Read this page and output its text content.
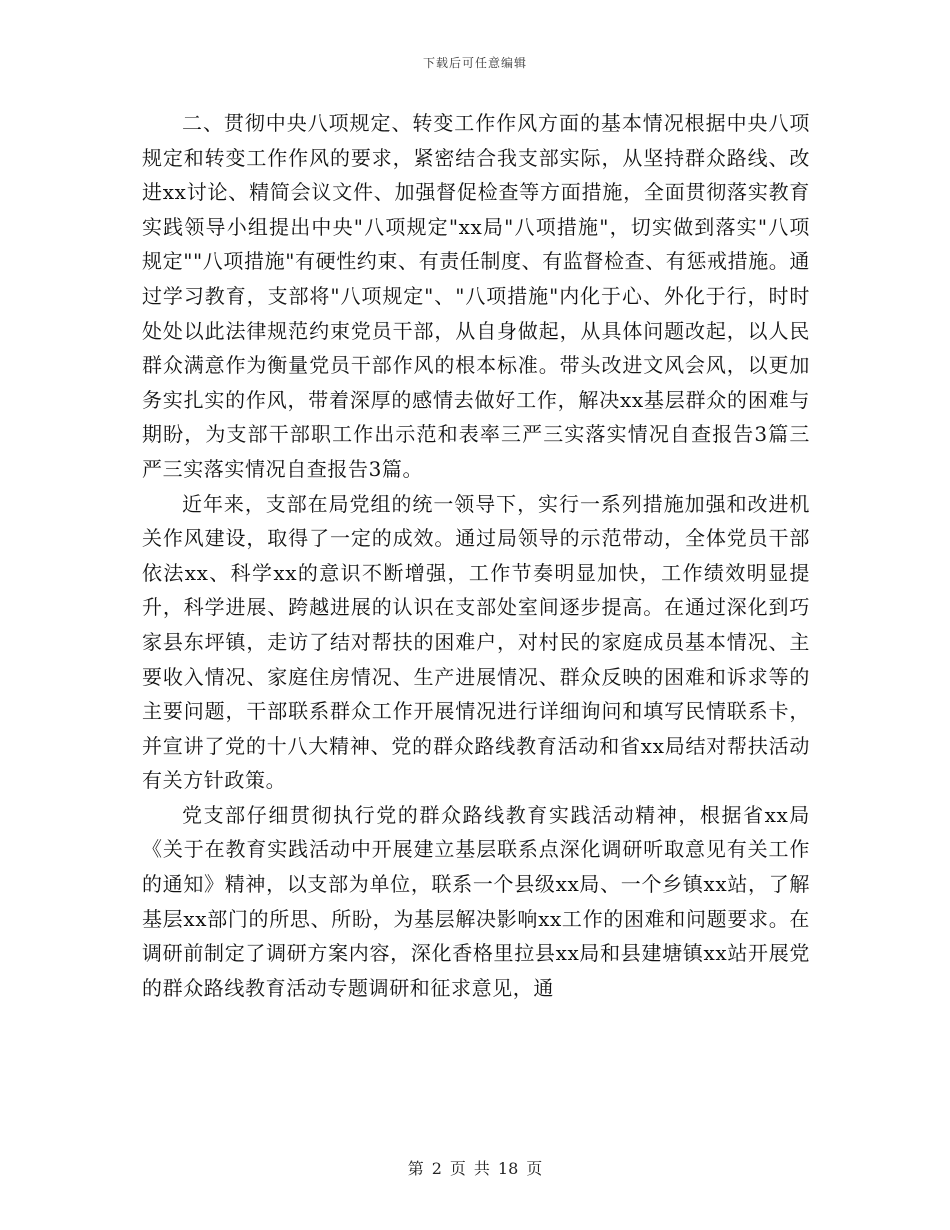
下载后可任意编辑

二、贯彻中央八项规定、转变工作作风方面的基本情况根据中央八项规定和转变工作作风的要求，紧密结合我支部实际，从坚持群众路线、改进xx讨论、精简会议文件、加强督促检查等方面措施，全面贯彻落实教育实践领导小组提出中央"八项规定"xx局"八项措施"，切实做到落实"八项规定""八项措施"有硬性约束、有责任制度、有监督检查、有惩戒措施。通过学习教育，支部将"八项规定"、"八项措施"内化于心、外化于行，时时处处以此法律规范约束党员干部，从自身做起，从具体问题改起，以人民群众满意作为衡量党员干部作风的根本标准。带头改进文风会风，以更加务实扎实的作风，带着深厚的感情去做好工作，解决xx基层群众的困难与期盼，为支部干部职工作出示范和表率三严三实落实情况自查报告3篇三严三实落实情况自查报告3篇。

近年来，支部在局党组的统一领导下，实行一系列措施加强和改进机关作风建设，取得了一定的成效。通过局领导的示范带动，全体党员干部依法xx、科学xx的意识不断增强，工作节奏明显加快，工作绩效明显提升，科学进展、跨越进展的认识在支部处室间逐步提高。在通过深化到巧家县东坪镇，走访了结对帮扶的困难户，对村民的家庭成员基本情况、主要收入情况、家庭住房情况、生产进展情况、群众反映的困难和诉求等的主要问题，干部联系群众工作开展情况进行详细询问和填写民情联系卡，并宣讲了党的十八大精神、党的群众路线教育活动和省xx局结对帮扶活动有关方针政策。

党支部仔细贯彻执行党的群众路线教育实践活动精神，根据省xx局《关于在教育实践活动中开展建立基层联系点深化调研听取意见有关工作的通知》精神，以支部为单位，联系一个县级xx局、一个乡镇xx站，了解基层xx部门的所思、所盼，为基层解决影响xx工作的困难和问题要求。在调研前制定了调研方案内容，深化香格里拉县xx局和县建塘镇xx站开展党的群众路线教育活动专题调研和征求意见，通

第 2 页 共 18 页
